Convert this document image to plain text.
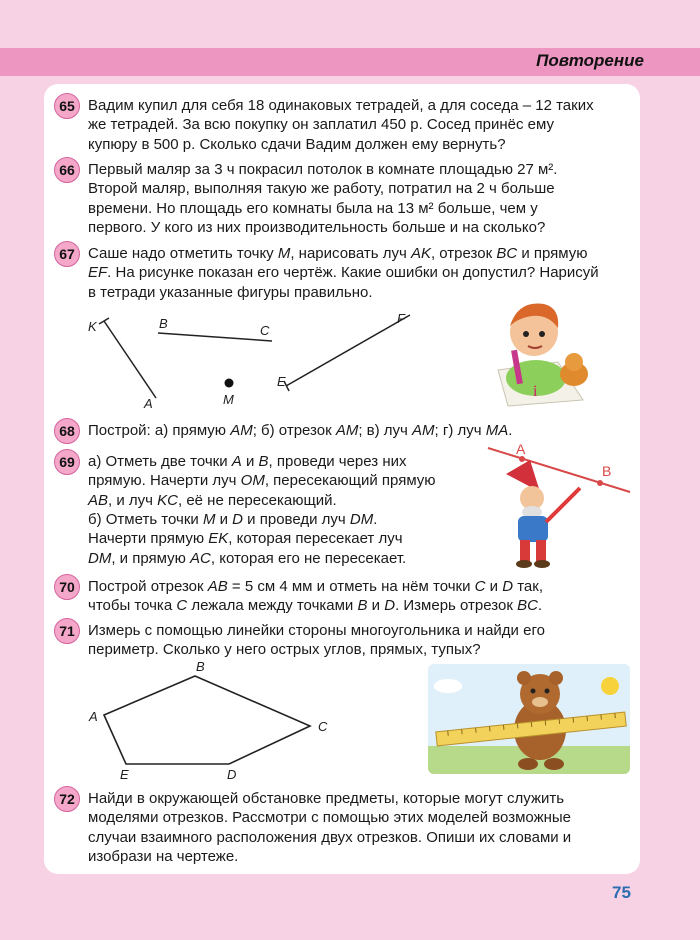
Повторение
65 Вадим купил для себя 18 одинаковых тетрадей, а для соседа – 12 таких
же тетрадей. За всю покупку он заплатил 450 р. Сосед принёс ему
купюру в 500 р. Сколько сдачи Вадим должен ему вернуть?
66 Первый маляр за 3 ч покрасил потолок в комнате площадью 27 м².
Второй маляр, выполняя такую же работу, потратил на 2 ч больше
времени. Но площадь его комнаты была на 13 м² больше, чем у
первого. У кого из них производительность больше и на сколько?
67 Саше надо отметить точку M, нарисовать луч AK, отрезок BC и прямую
EF. На рисунке показан его чертёж. Какие ошибки он допустил? Нарисуй
в тетради указанные фигуры правильно.
K
A
B	C
M
E
F
i
68 Построй: а) прямую AM; б) отрезок AM; в) луч AM; г) луч MA.
69 а) Отметь две точки A и B, проведи через них
прямую. Начерти луч OM, пересекающий прямую
AB, и луч KC, её не пересекающий.
б) Отметь точки M и D и проведи луч DM.
Начерти прямую EK, которая пересекает луч
DM, и прямую AC, которая его не пересекает.
A
B
70 Построй отрезок AB = 5 см 4 мм и отметь на нём точки C и D так,
чтобы точка C лежала между точками B и D. Измерь отрезок BC.
71 Измерь с помощью линейки стороны многоугольника и найди его
периметр. Сколько у него острых углов, прямых, тупых?
A
B
C
D
E
72 Найди в окружающей обстановке предметы, которые могут служить
моделями отрезков. Рассмотри с помощью этих моделей возможные
случаи взаимного расположения двух отрезков. Опиши их словами и
изобрази на чертеже.
75
